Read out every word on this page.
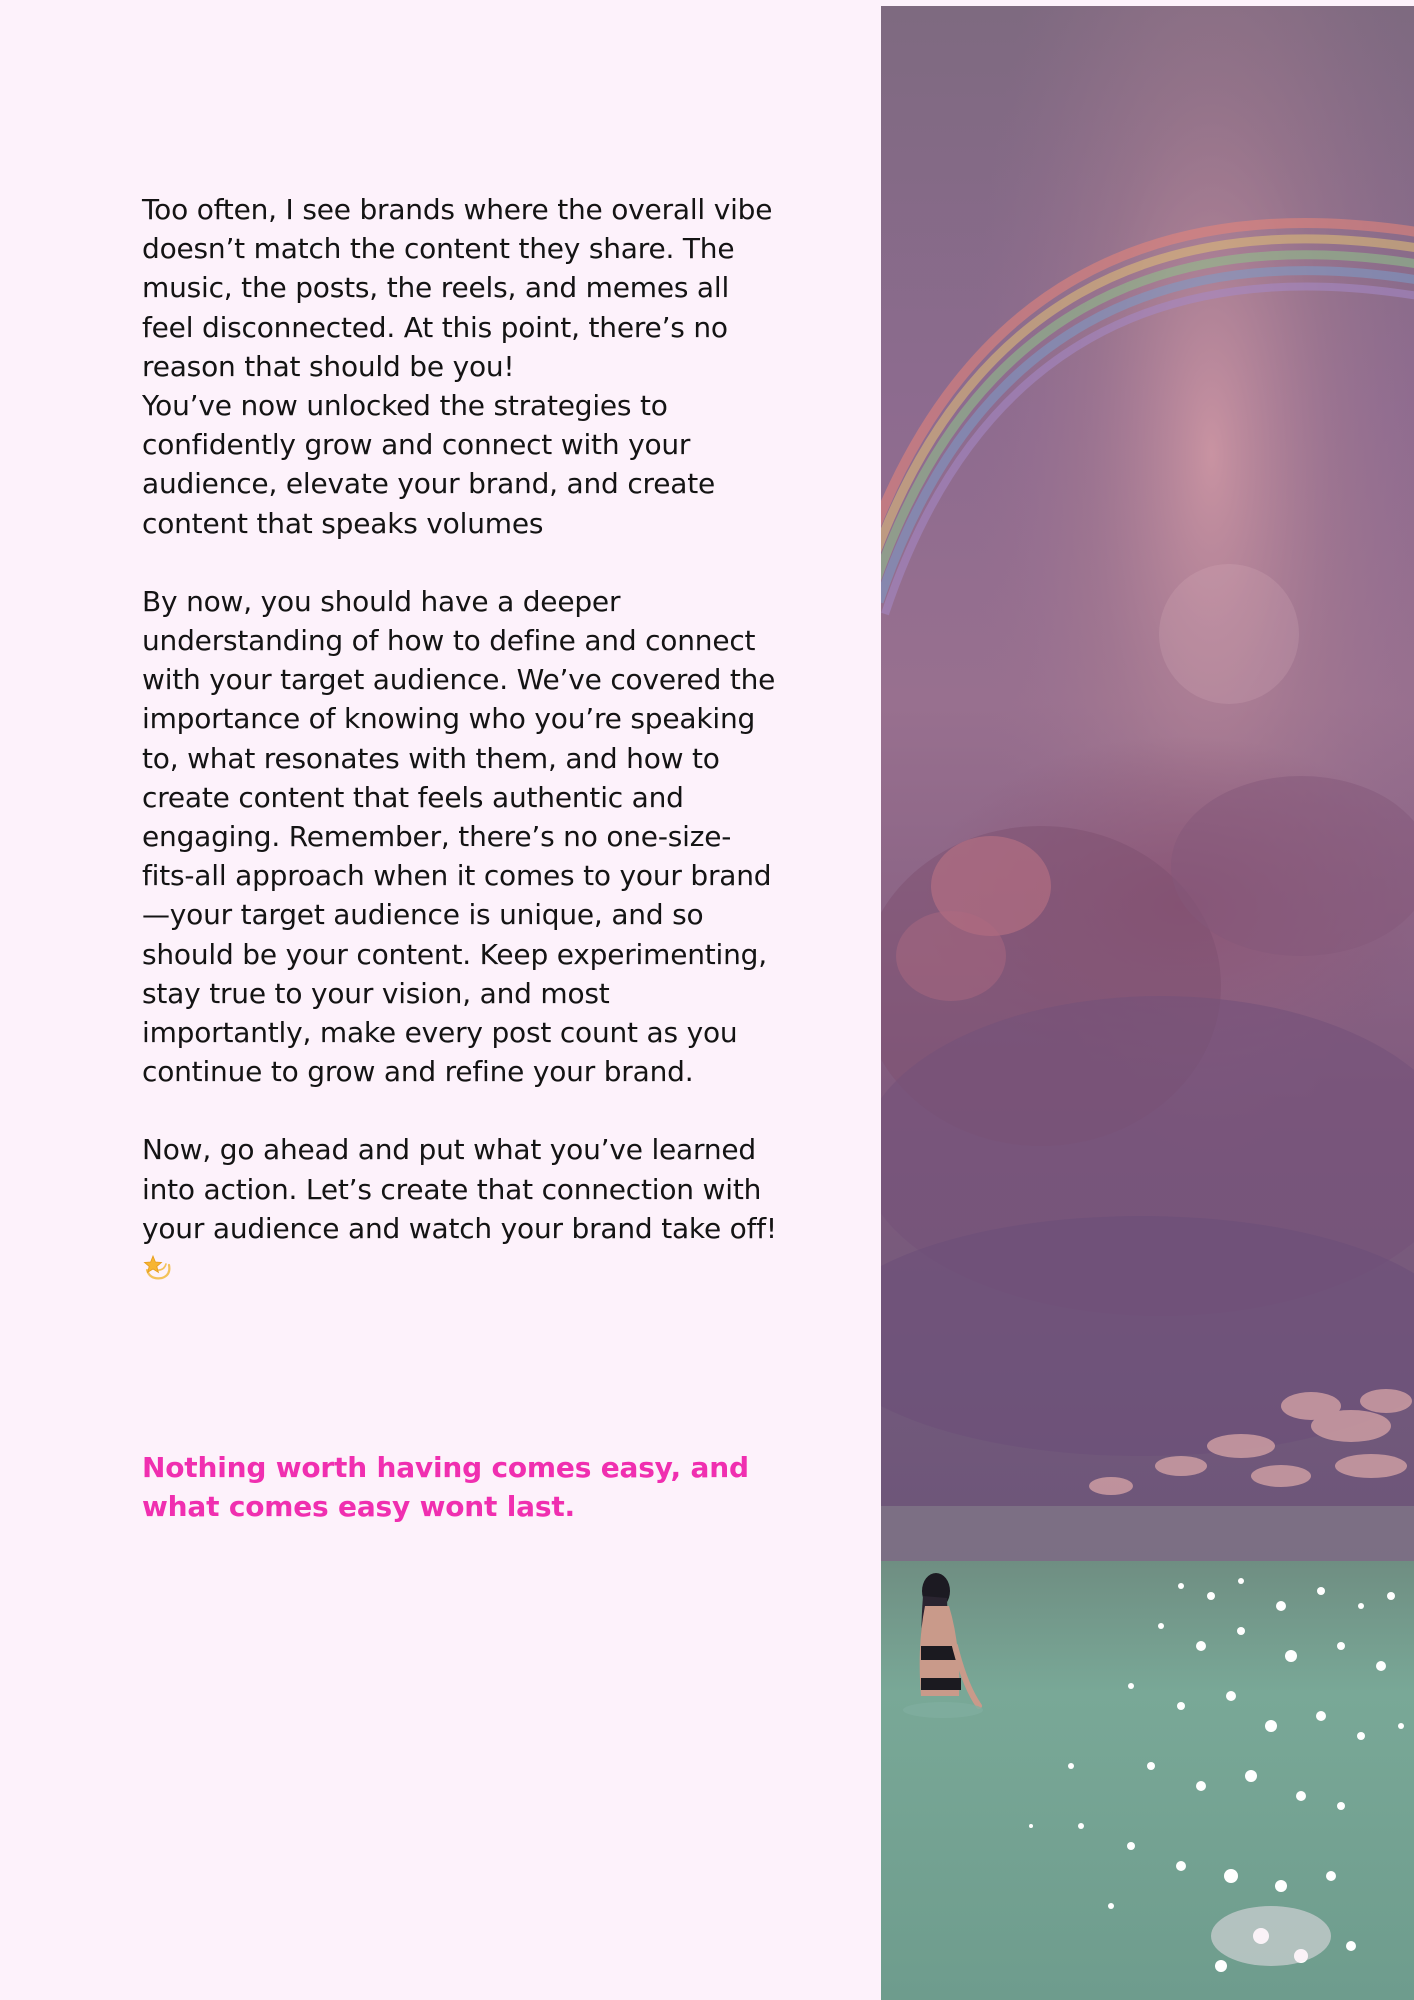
Too often, I see brands where the overall vibe doesn’t match the content they share. The music, the posts, the reels, and memes all feel disconnected. At this point, there’s no reason that should be you!

You’ve now unlocked the strategies to confidently grow and connect with your audience, elevate your brand, and create content that speaks volumes

By now, you should have a deeper understanding of how to define and connect with your target audience. We’ve covered the importance of knowing who you’re speaking to, what resonates with them, and how to create content that feels authentic and engaging. Remember, there’s no one-size-fits-all approach when it comes to your brand—your target audience is unique, and so should be your content. Keep experimenting, stay true to your vision, and most importantly, make every post count as you continue to grow and refine your brand.

Now, go ahead and put what you’ve learned into action. Let’s create that connection with your audience and watch your brand take off!

Nothing worth having comes easy, and what comes easy wont last.
